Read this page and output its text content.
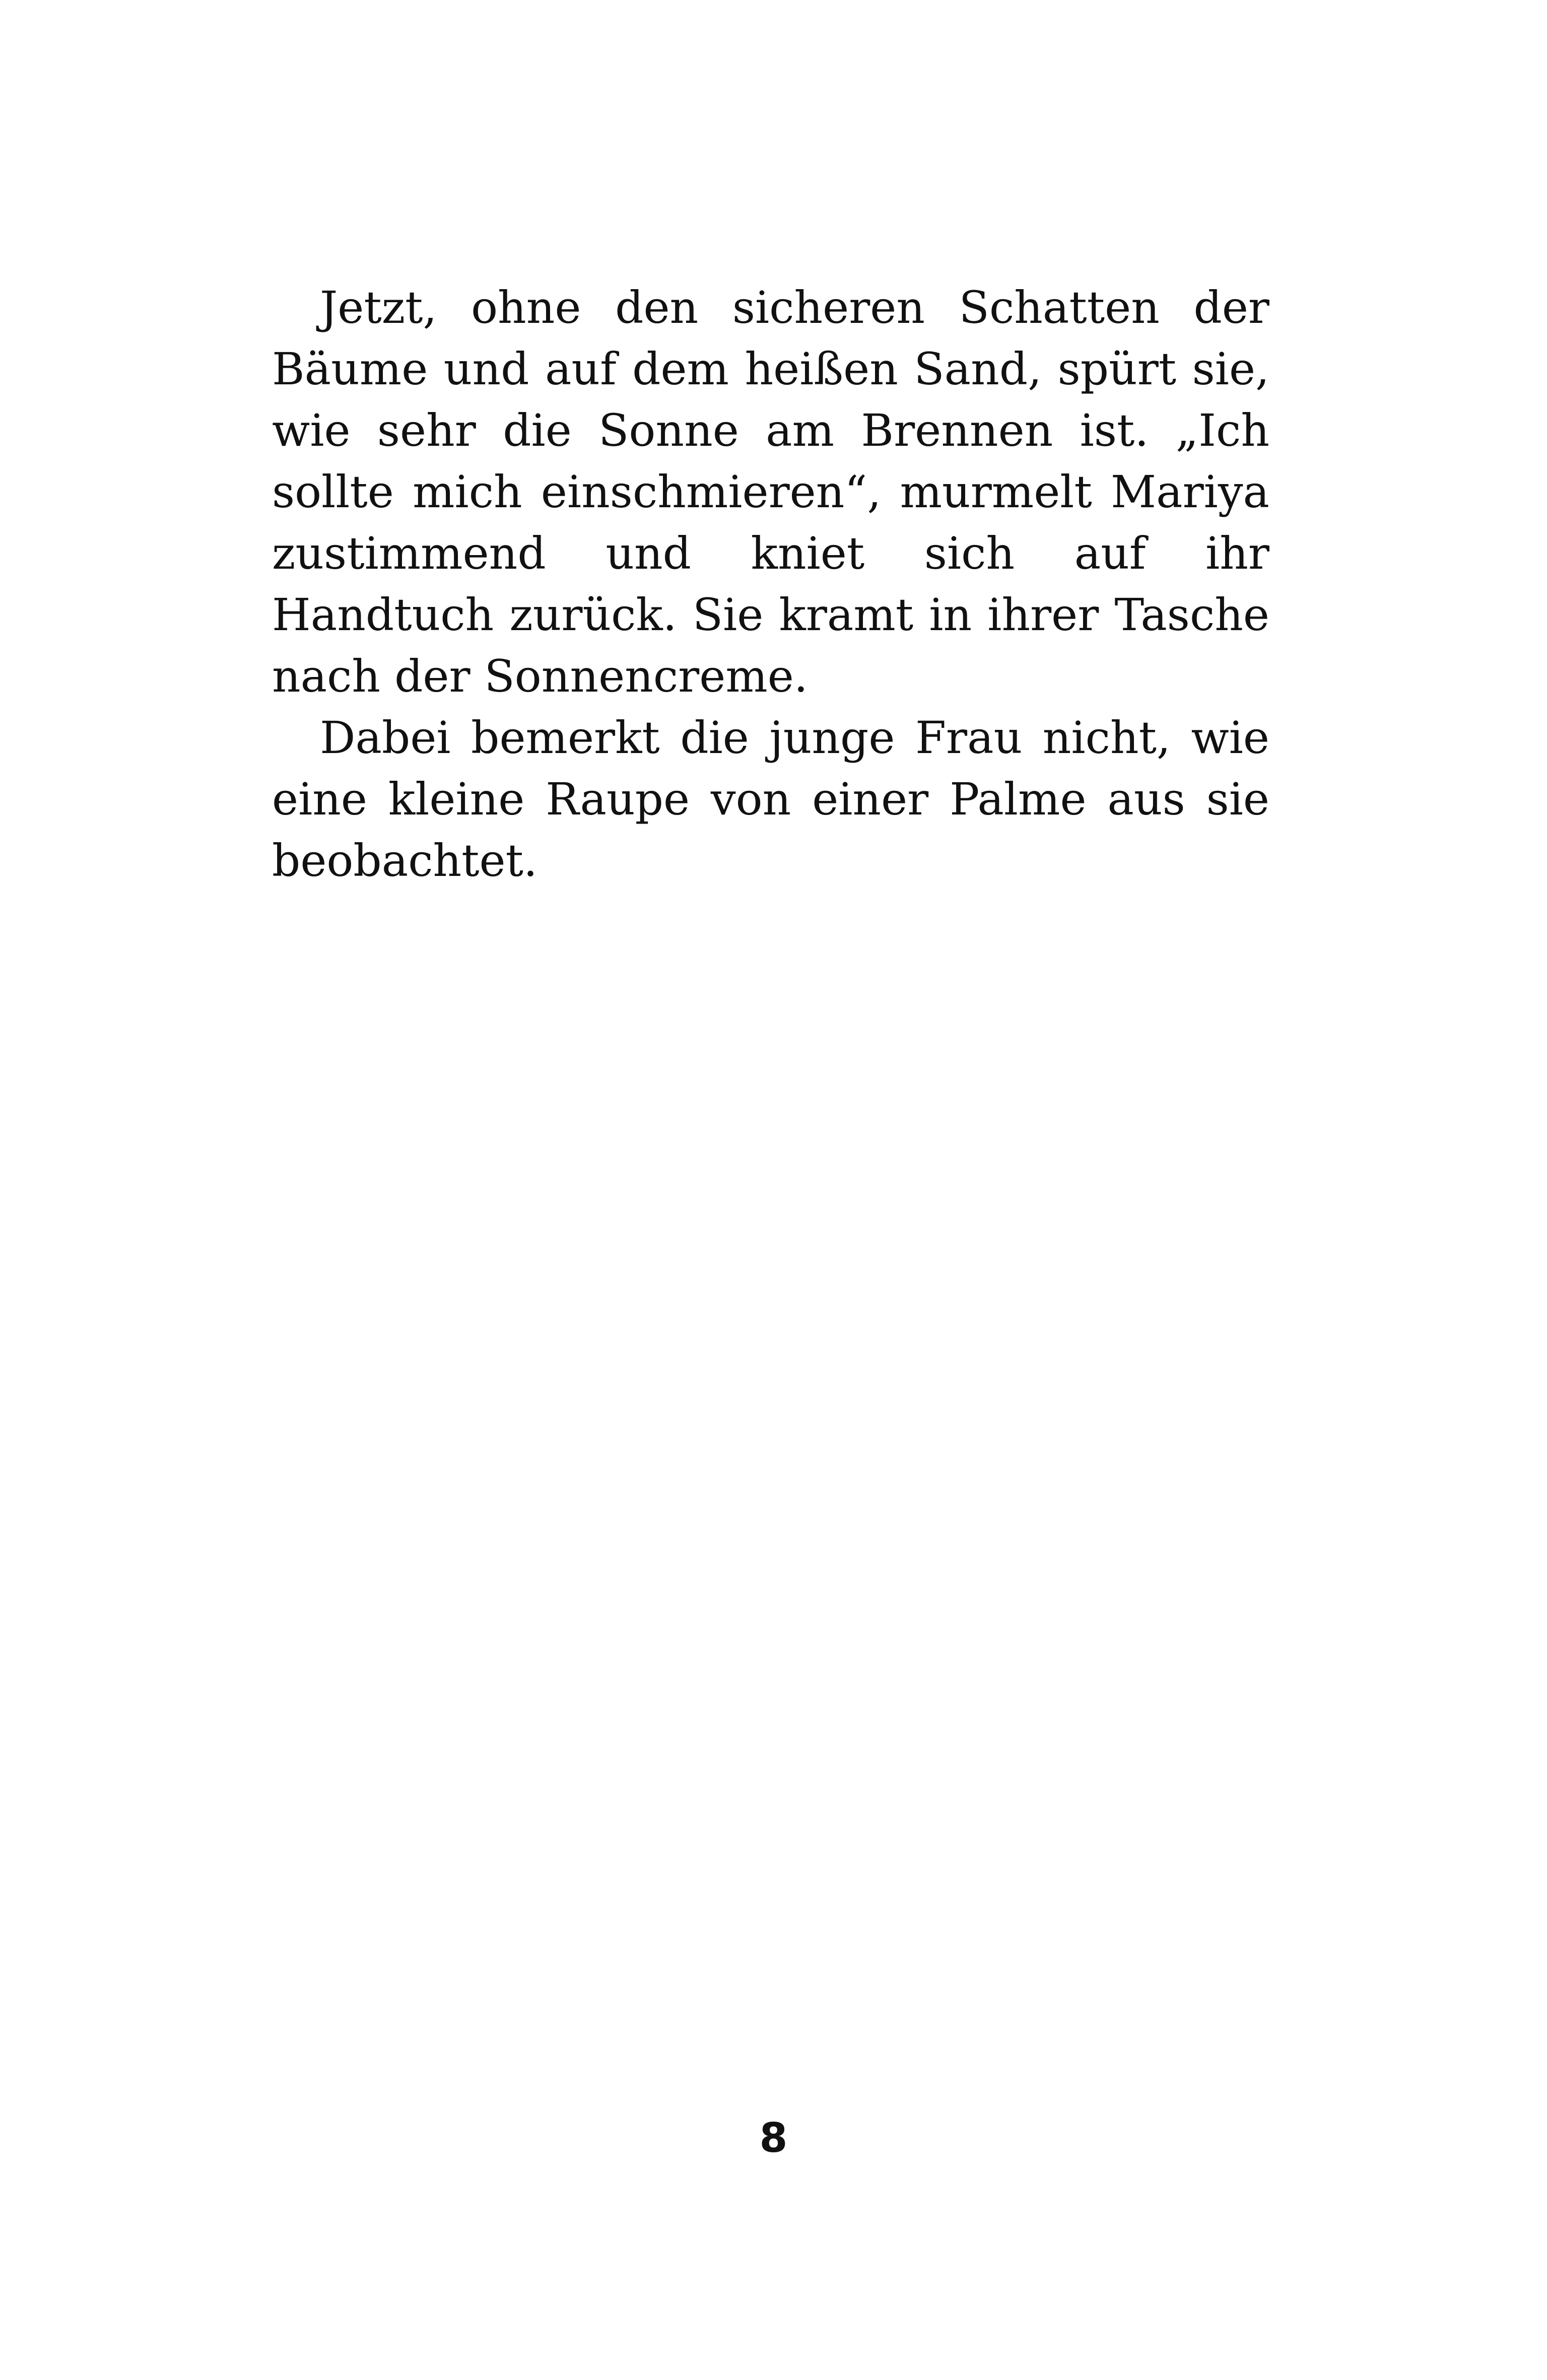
Jetzt, ohne den sicheren Schatten der Bäume und auf dem heißen Sand, spürt sie, wie sehr die Sonne am Brennen ist. „Ich sollte mich einschmieren“, murmelt Mariya zustimmend und kniet sich auf ihr Handtuch zurück. Sie kramt in ihrer Tasche nach der Sonnencreme.

Dabei bemerkt die junge Frau nicht, wie eine kleine Raupe von einer Palme aus sie beobachtet.

8
